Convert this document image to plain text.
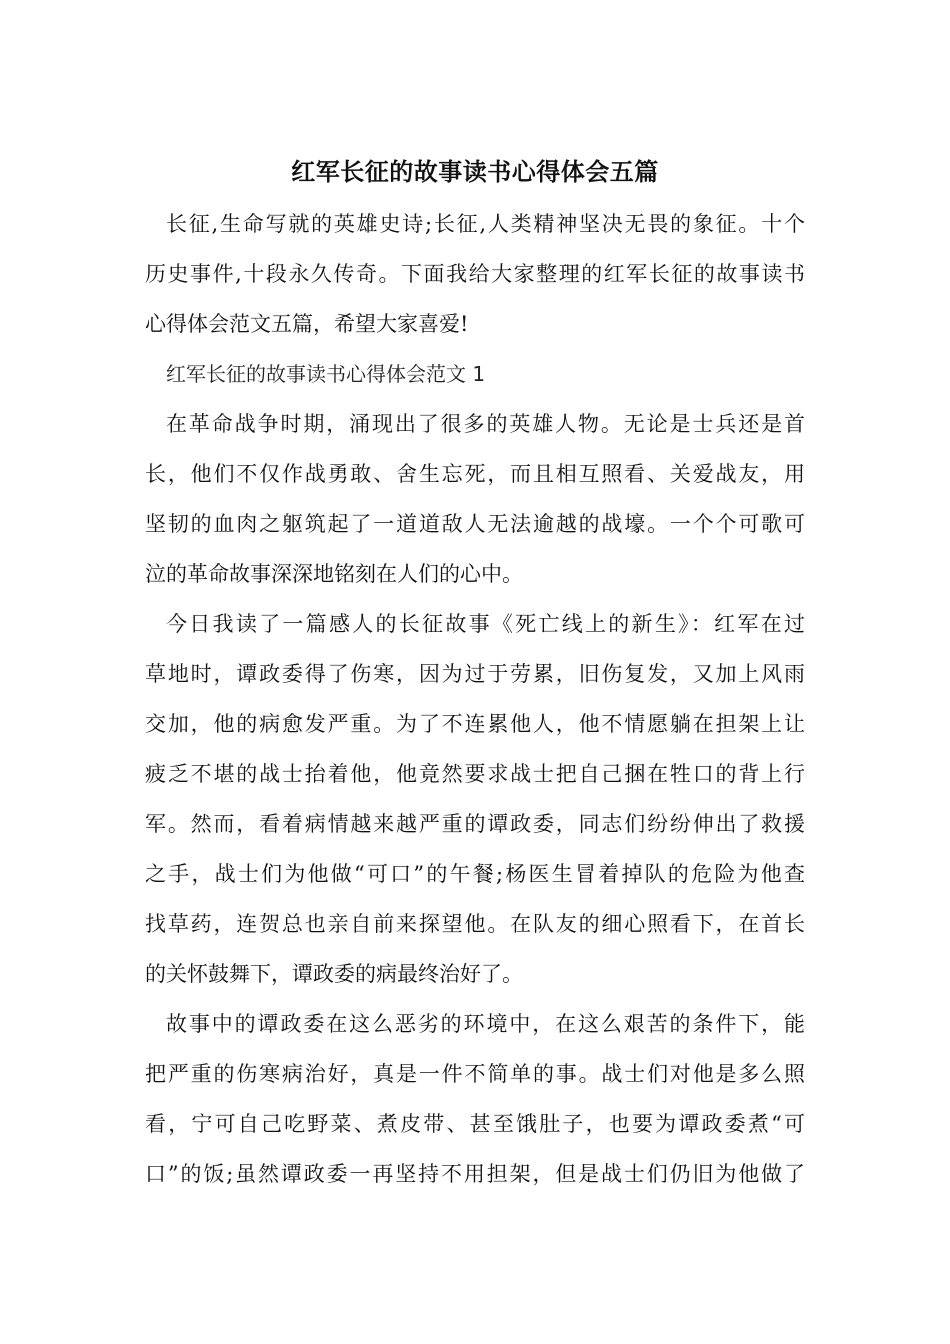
红军长征的故事读书心得体会五篇
长征,生命写就的英雄史诗;长征,人类精神坚决无畏的象征。十个
历史事件,十段永久传奇。下面我给大家整理的红军长征的故事读书
心得体会范文五篇，希望大家喜爱!
红军长征的故事读书心得体会范文 1
在革命战争时期，涌现出了很多的英雄人物。无论是士兵还是首
长，他们不仅作战勇敢、舍生忘死，而且相互照看、关爱战友，用
坚韧的血肉之躯筑起了一道道敌人无法逾越的战壕。一个个可歌可
泣的革命故事深深地铭刻在人们的心中。
今日我读了一篇感人的长征故事《死亡线上的新生》：红军在过
草地时，谭政委得了伤寒，因为过于劳累，旧伤复发，又加上风雨
交加，他的病愈发严重。为了不连累他人，他不情愿躺在担架上让
疲乏不堪的战士抬着他，他竟然要求战士把自己捆在牲口的背上行
军。然而，看着病情越来越严重的谭政委，同志们纷纷伸出了救援
之手，战士们为他做“可口”的午餐;杨医生冒着掉队的危险为他查
找草药，连贺总也亲自前来探望他。在队友的细心照看下，在首长
的关怀鼓舞下，谭政委的病最终治好了。
故事中的谭政委在这么恶劣的环境中，在这么艰苦的条件下，能
把严重的伤寒病治好，真是一件不简单的事。战士们对他是多么照
看，宁可自己吃野菜、煮皮带、甚至饿肚子，也要为谭政委煮“可
口”的饭;虽然谭政委一再坚持不用担架，但是战士们仍旧为他做了
